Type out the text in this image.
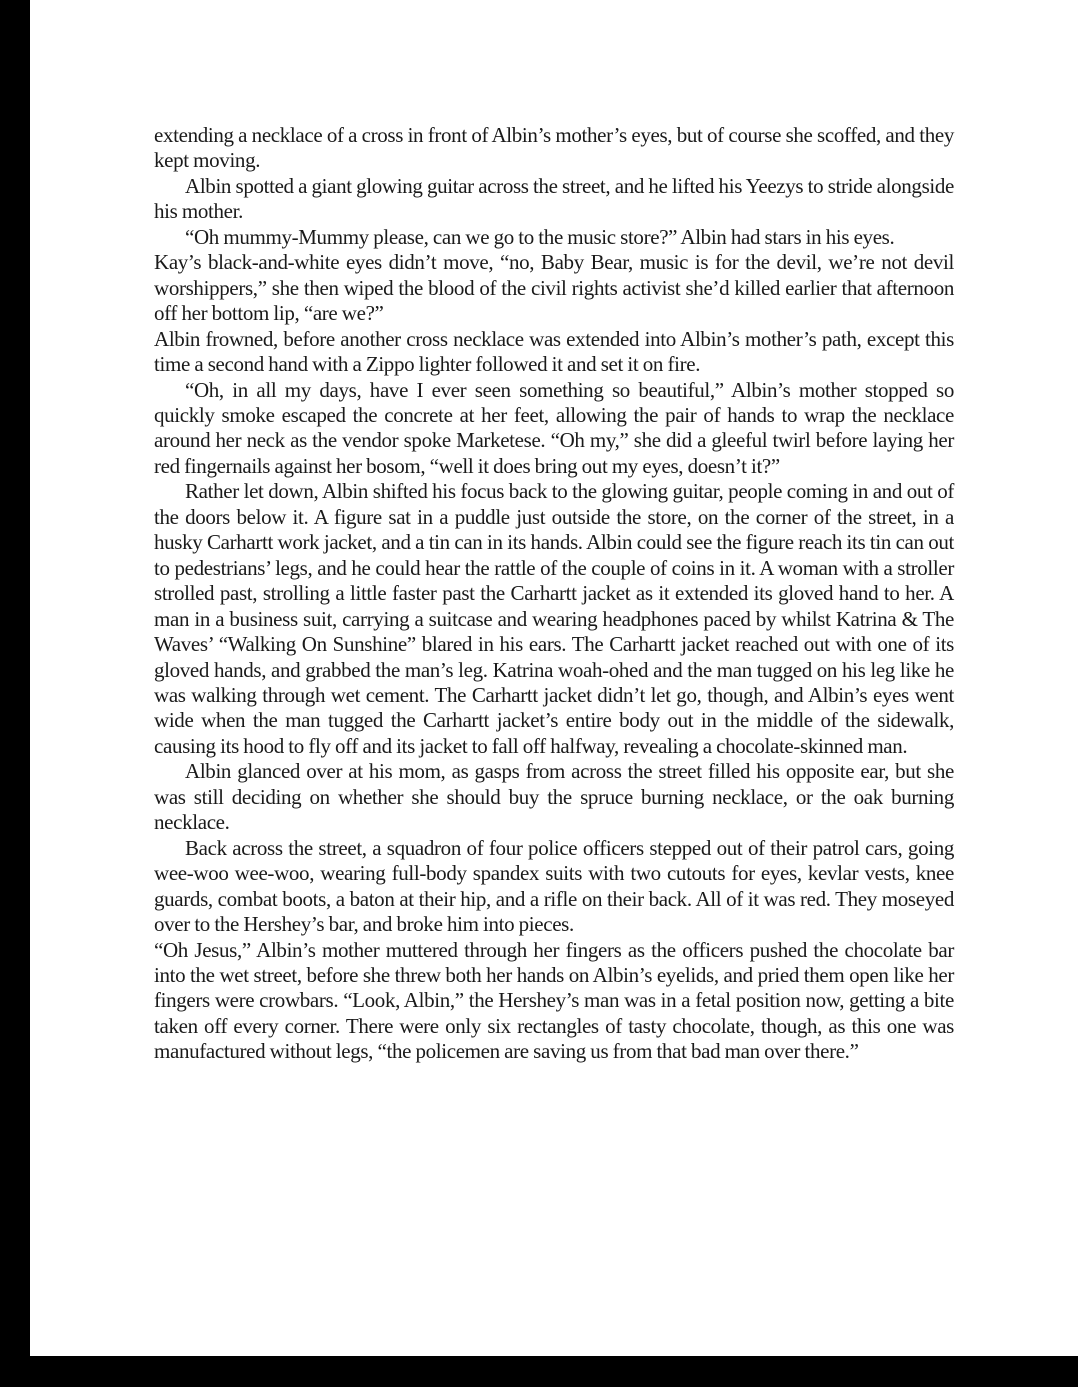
extending a necklace of a cross in front of Albin’s mother’s eyes, but of course she scoffed, and they kept moving.

Albin spotted a giant glowing guitar across the street, and he lifted his Yeezys to stride alongside his mother.

“Oh mummy-Mummy please, can we go to the music store?” Albin had stars in his eyes.

Kay’s black-and-white eyes didn’t move, “no, Baby Bear, music is for the devil, we’re not devil worshippers,” she then wiped the blood of the civil rights activist she’d killed earlier that afternoon off her bottom lip, “are we?”

Albin frowned, before another cross necklace was extended into Albin’s mother’s path, except this time a second hand with a Zippo lighter followed it and set it on fire.

“Oh, in all my days, have I ever seen something so beautiful,” Albin’s mother stopped so quickly smoke escaped the concrete at her feet, allowing the pair of hands to wrap the necklace around her neck as the vendor spoke Marketese. “Oh my,” she did a gleeful twirl before laying her red fingernails against her bosom, “well it does bring out my eyes, doesn’t it?”

Rather let down, Albin shifted his focus back to the glowing guitar, people coming in and out of the doors below it. A figure sat in a puddle just outside the store, on the corner of the street, in a husky Carhartt work jacket, and a tin can in its hands. Albin could see the figure reach its tin can out to pedestrians’ legs, and he could hear the rattle of the couple of coins in it. A woman with a stroller strolled past, strolling a little faster past the Carhartt jacket as it extended its gloved hand to her. A man in a business suit, carrying a suitcase and wearing headphones paced by whilst Katrina & The Waves’ “Walking On Sunshine” blared in his ears. The Carhartt jacket reached out with one of its gloved hands, and grabbed the man’s leg. Katrina woah-ohed and the man tugged on his leg like he was walking through wet cement. The Carhartt jacket didn’t let go, though, and Albin’s eyes went wide when the man tugged the Carhartt jacket’s entire body out in the middle of the sidewalk, causing its hood to fly off and its jacket to fall off halfway, revealing a chocolate-skinned man.

Albin glanced over at his mom, as gasps from across the street filled his opposite ear, but she was still deciding on whether she should buy the spruce burning necklace, or the oak burning necklace.

Back across the street, a squadron of four police officers stepped out of their patrol cars, going wee-woo wee-woo, wearing full-body spandex suits with two cutouts for eyes, kevlar vests, knee guards, combat boots, a baton at their hip, and a rifle on their back. All of it was red. They moseyed over to the Hershey’s bar, and broke him into pieces.

“Oh Jesus,” Albin’s mother muttered through her fingers as the officers pushed the chocolate bar into the wet street, before she threw both her hands on Albin’s eyelids, and pried them open like her fingers were crowbars. “Look, Albin,” the Hershey’s man was in a fetal position now, getting a bite taken off every corner. There were only six rectangles of tasty chocolate, though, as this one was manufactured without legs, “the policemen are saving us from that bad man over there.”
